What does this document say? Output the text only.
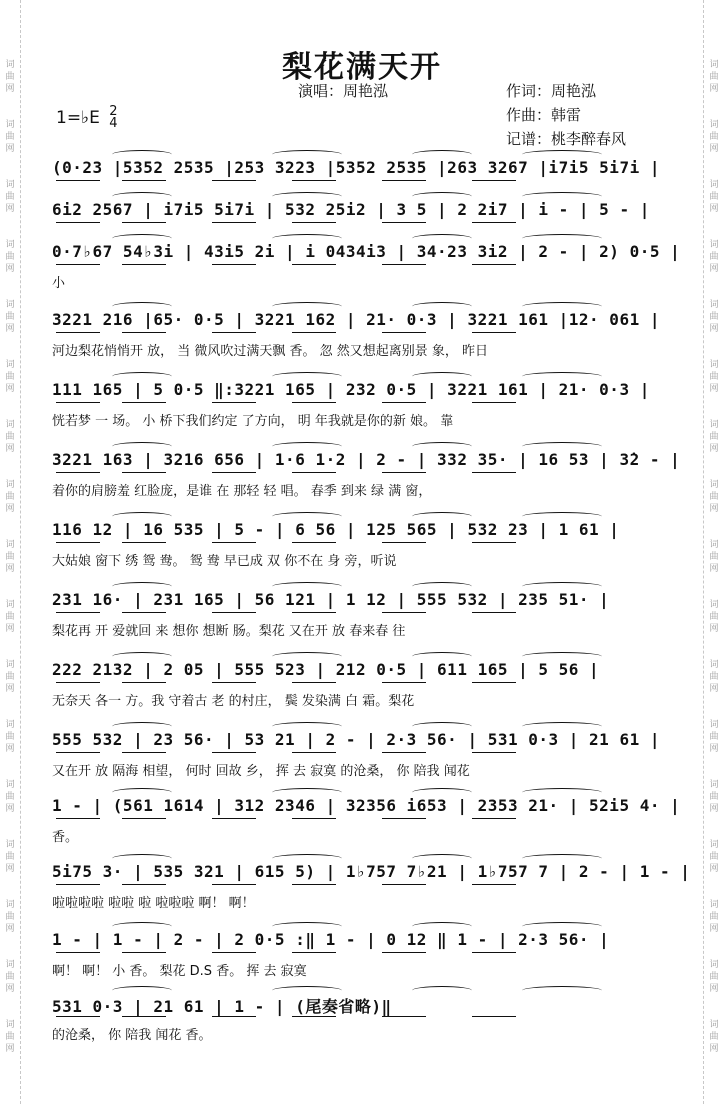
词
曲
网
词
曲
网
词
曲
网
词
曲
网
词
曲
网
词
曲
网
词
曲
网
词
曲
网
词
曲
网
词
曲
网
词
曲
网
词
曲
网
词
曲
网
词
曲
网
词
曲
网
词
曲
网
词
曲
网
词
曲
网
词
曲
网
词
曲
网
词
曲
网
词
曲
网
词
曲
网
词
曲
网
词
曲
网
词
曲
网
词
曲
网
词
曲
网
词
曲
网
词
曲
网
词
曲
网
词
曲
网
词
曲
网
词
曲
网
梨花满天开
演唱：周艳泓	作词：周艳泓
作曲：韩雷
记谱：桃李醉春风
1=♭E 2
4
(0·23 |5352 2535 |253 3223 |5352 2535 |263 3267 |i7i5 5i7i |
6i2 2567 | i7i5 5i7i | 532 25i2 | 3 5 | 2 2i7 | i - | 5 - |
0·7♭67 54♭3i | 43i5 2i | i 0434i3 | 34·23 3i2 | 2 - | 2) 0·5 |
小
3221 216 |65· 0·5 | 3221 162 | 21· 0·3 | 3221 161 |12· 061 |
河边梨花悄悄开 放， 当 微风吹过满天飘 香。 忽 然又想起离别景 象， 昨日
111 165 | 5 0·5 ‖:3221 165 | 232 0·5 | 3221 161 | 21· 0·3 |
恍若梦 一 场。 小 桥下我们约定 了方向， 明 年我就是你的新 娘。 靠
3221 163 | 3216 656 | 1·6 1·2 | 2 - | 332 35· | 16 53 | 3̇2 - |
着你的肩膀羞 红脸庞，是谁 在 那轻 轻 唱。 春季 到来 绿 满 窗，
116 12 | 16 535 | 5 - | 6 56 | 125 565 | 532 23 | 1 61 |
大姑娘 窗下 绣 鸳 鸯。 鸳 鸯 早已成 双 你不在 身 旁，听说
231 16· | 231 165 | 56 121 | 1 12 | 555 532 | 235 51· |
梨花再 开 爱就回 来 想你 想断 肠。梨花 又在开 放 春来春 往
222 2132 | 2 05 | 555 523 | 212 0·5 | 611 165 | 5 56 |
无奈天 各一 方。我 守着古 老 的村庄， 鬓 发染满 白 霜。梨花
555 532 | 23 56· | 53 21 | 2 - | 2·3 56· | 531 0·3 | 21 61 |
又在开 放 隔海 相望， 何时 回故 乡， 挥 去 寂寞 的沧桑， 你 陪我 闻花
1 - | (561 1614 | 312 2346 | 32356 i653 | 2353 21· | 52i5 4· |
香。
5i75 3· | 535 321 | 615 5) | 1♭757 7♭21 | 1♭757 7 | 2 - | 1 - |
啦啦啦啦 啦啦 啦 啦啦啦 啊！ 啊！
1 - | 1 - | 2 - | 2 0·5 :‖ 1 - | 0 12 ‖ 1 - | 2·3 56· |
啊！ 啊！ 小 香。 梨花 D.S 香。 挥 去 寂寞
531 0·3 | 21 61 | 1 - | (尾奏省略)‖
的沧桑， 你 陪我 闻花 香。
